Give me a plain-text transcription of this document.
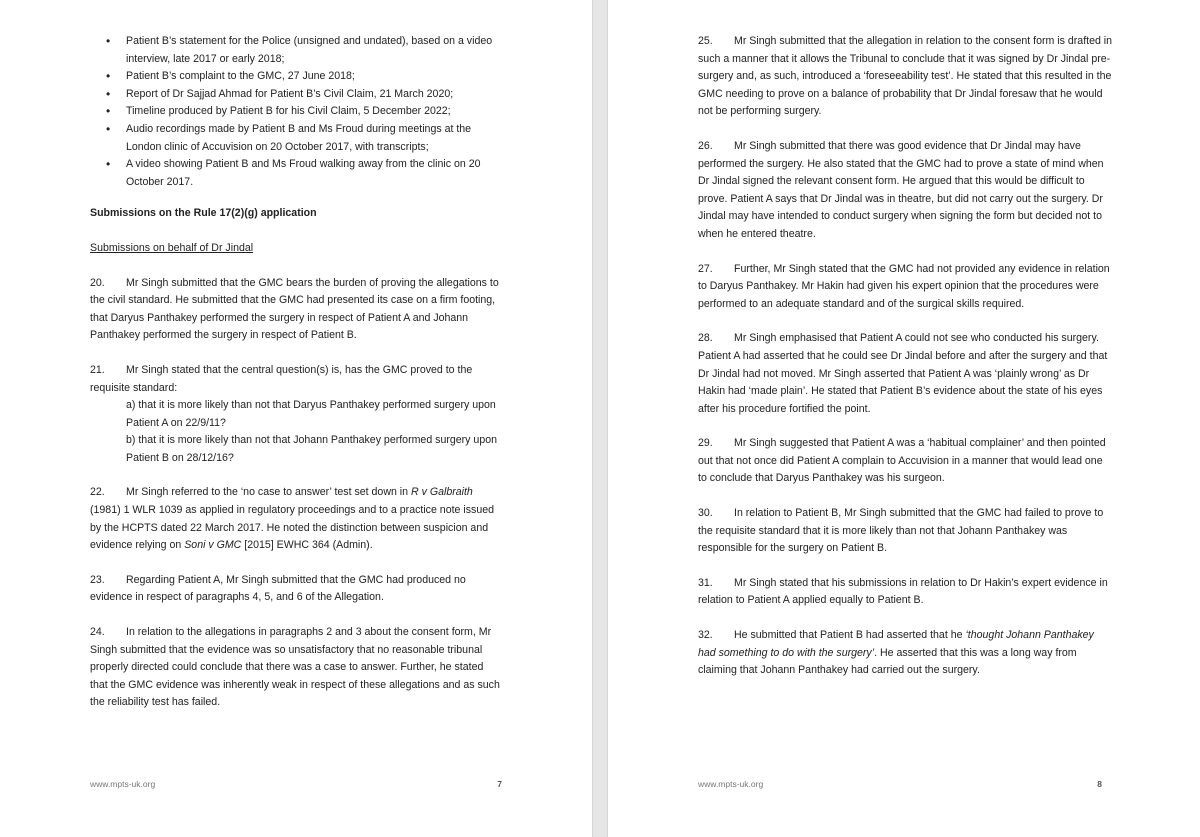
• Patient B’s statement for the Police (unsigned and undated), based on a video interview, late 2017 or early 2018;
• Patient B’s complaint to the GMC, 27 June 2018;
• Report of Dr Sajjad Ahmad for Patient B’s Civil Claim, 21 March 2020;
• Timeline produced by Patient B for his Civil Claim, 5 December 2022;
• Audio recordings made by Patient B and Ms Froud during meetings at the London clinic of Accuvision on 20 October 2017, with transcripts;
• A video showing Patient B and Ms Froud walking away from the clinic on 20 October 2017.
Submissions on the Rule 17(2)(g) application
Submissions on behalf of Dr Jindal
20. Mr Singh submitted that the GMC bears the burden of proving the allegations to the civil standard. He submitted that the GMC had presented its case on a firm footing, that Daryus Panthakey performed the surgery in respect of Patient A and Johann Panthakey performed the surgery in respect of Patient B.
21. Mr Singh stated that the central question(s) is, has the GMC proved to the requisite standard:
a) that it is more likely than not that Daryus Panthakey performed surgery upon Patient A on 22/9/11?
b) that it is more likely than not that Johann Panthakey performed surgery upon Patient B on 28/12/16?
22. Mr Singh referred to the ‘no case to answer’ test set down in R v Galbraith (1981) 1 WLR 1039 as applied in regulatory proceedings and to a practice note issued by the HCPTS dated 22 March 2017. He noted the distinction between suspicion and evidence relying on Soni v GMC [2015] EWHC 364 (Admin).
23. Regarding Patient A, Mr Singh submitted that the GMC had produced no evidence in respect of paragraphs 4, 5, and 6 of the Allegation.
24. In relation to the allegations in paragraphs 2 and 3 about the consent form, Mr Singh submitted that the evidence was so unsatisfactory that no reasonable tribunal properly directed could conclude that there was a case to answer. Further, he stated that the GMC evidence was inherently weak in respect of these allegations and as such the reliability test has failed.
www.mpts-uk.org	7
25. Mr Singh submitted that the allegation in relation to the consent form is drafted in such a manner that it allows the Tribunal to conclude that it was signed by Dr Jindal pre-surgery and, as such, introduced a ‘foreseeability test’. He stated that this resulted in the GMC needing to prove on a balance of probability that Dr Jindal foresaw that he would not be performing surgery.
26. Mr Singh submitted that there was good evidence that Dr Jindal may have performed the surgery. He also stated that the GMC had to prove a state of mind when Dr Jindal signed the relevant consent form. He argued that this would be difficult to prove. Patient A says that Dr Jindal was in theatre, but did not carry out the surgery. Dr Jindal may have intended to conduct surgery when signing the form but decided not to when he entered theatre.
27. Further, Mr Singh stated that the GMC had not provided any evidence in relation to Daryus Panthakey. Mr Hakin had given his expert opinion that the procedures were performed to an adequate standard and of the surgical skills required.
28. Mr Singh emphasised that Patient A could not see who conducted his surgery. Patient A had asserted that he could see Dr Jindal before and after the surgery and that Dr Jindal had not moved. Mr Singh asserted that Patient A was ‘plainly wrong’ as Dr Hakin had ‘made plain’. He stated that Patient B’s evidence about the state of his eyes after his procedure fortified the point.
29. Mr Singh suggested that Patient A was a ‘habitual complainer’ and then pointed out that not once did Patient A complain to Accuvision in a manner that would lead one to conclude that Daryus Panthakey was his surgeon.
30. In relation to Patient B, Mr Singh submitted that the GMC had failed to prove to the requisite standard that it is more likely than not that Johann Panthakey was responsible for the surgery on Patient B.
31. Mr Singh stated that his submissions in relation to Dr Hakin’s expert evidence in relation to Patient A applied equally to Patient B.
32. He submitted that Patient B had asserted that he ‘thought Johann Panthakey had something to do with the surgery’. He asserted that this was a long way from claiming that Johann Panthakey had carried out the surgery.
www.mpts-uk.org	8
